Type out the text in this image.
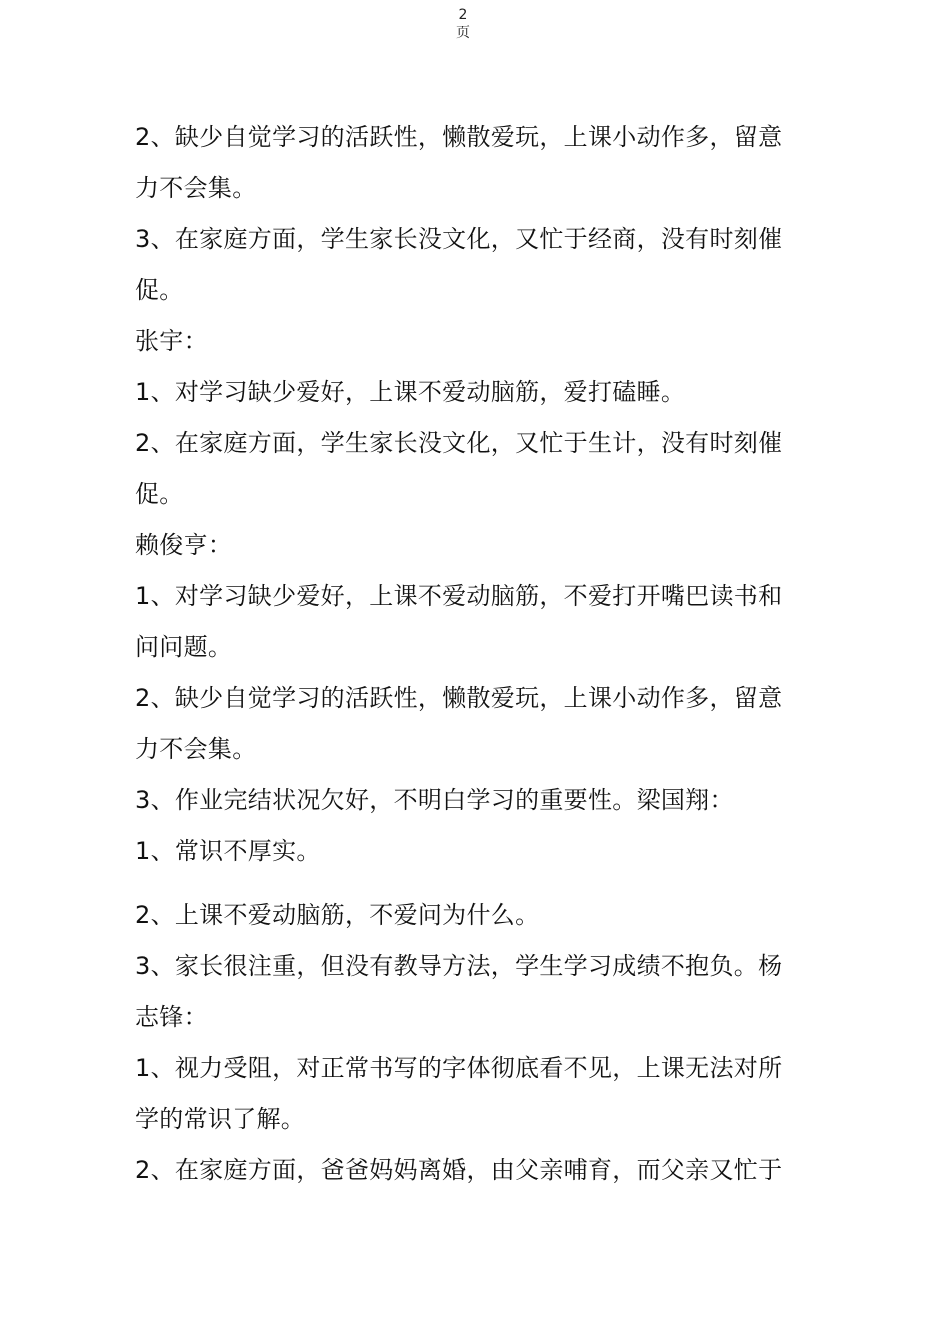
2
页

2、缺少自觉学习的活跃性，懒散爱玩，上课小动作多，留意
力不会集。

3、在家庭方面，学生家长没文化，又忙于经商，没有时刻催
促。

张宇：

1、对学习缺少爱好，上课不爱动脑筋，爱打磕睡。

2、在家庭方面，学生家长没文化，又忙于生计，没有时刻催
促。

赖俊亨：

1、对学习缺少爱好，上课不爱动脑筋，不爱打开嘴巴读书和
问问题。

2、缺少自觉学习的活跃性，懒散爱玩，上课小动作多，留意
力不会集。

3、作业完结状况欠好，不明白学习的重要性。梁国翔：

1、常识不厚实。

2、上课不爱动脑筋，不爱问为什么。

3、家长很注重，但没有教导方法，学生学习成绩不抱负。杨
志锋：

1、视力受阻，对正常书写的字体彻底看不见，上课无法对所
学的常识了解。

2、在家庭方面，爸爸妈妈离婚，由父亲哺育，而父亲又忙于
